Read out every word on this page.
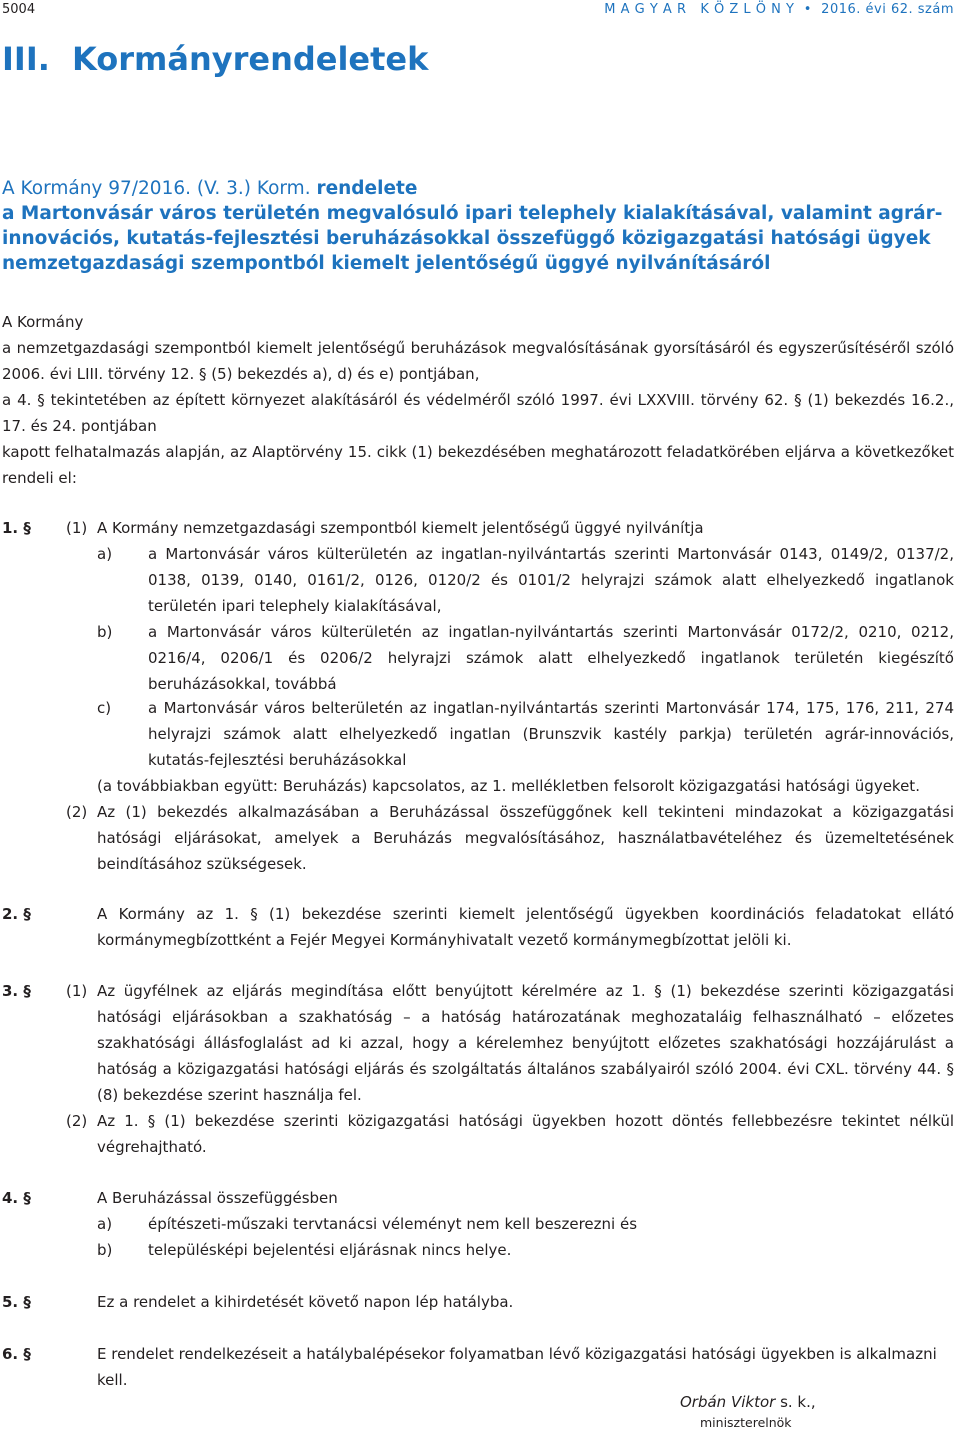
5004	M A G Y A R   K Ö Z L Ö N Y  •  2016. évi 62. szám
III. Kormányrendeletek
A Kormány 97/2016. (V. 3.) Korm. rendelete
a Martonvásár város területén megvalósuló ipari telephely kialakításával, valamint agrár-innovációs, kutatás-fejlesztési beruházásokkal összefüggő közigazgatási hatósági ügyek nemzetgazdasági szempontból kiemelt jelentőségű üggyé nyilvánításáról
A Kormány
a nemzetgazdasági szempontból kiemelt jelentőségű beruházások megvalósításának gyorsításáról és egyszerűsítéséről szóló 2006. évi LIII. törvény 12. § (5) bekezdés a), d) és e) pontjában,
a 4. § tekintetében az épített környezet alakításáról és védelméről szóló 1997. évi LXXVIII. törvény 62. § (1) bekezdés 16.2., 17. és 24. pontjában
kapott felhatalmazás alapján, az Alaptörvény 15. cikk (1) bekezdésében meghatározott feladatkörében eljárva a következőket rendeli el:
1. § (1) A Kormány nemzetgazdasági szempontból kiemelt jelentőségű üggyé nyilvánítja
a) a Martonvásár város külterületén az ingatlan-nyilvántartás szerinti Martonvásár 0143, 0149/2, 0137/2, 0138, 0139, 0140, 0161/2, 0126, 0120/2 és 0101/2 helyrajzi számok alatt elhelyezkedő ingatlanok területén ipari telephely kialakításával,
b) a Martonvásár város külterületén az ingatlan-nyilvántartás szerinti Martonvásár 0172/2, 0210, 0212, 0216/4, 0206/1 és 0206/2 helyrajzi számok alatt elhelyezkedő ingatlanok területén kiegészítő beruházásokkal, továbbá
c) a Martonvásár város belterületén az ingatlan-nyilvántartás szerinti Martonvásár 174, 175, 176, 211, 274 helyrajzi számok alatt elhelyezkedő ingatlan (Brunszvik kastély parkja) területén agrár-innovációs, kutatás-fejlesztési beruházásokkal
(a továbbiakban együtt: Beruházás) kapcsolatos, az 1. mellékletben felsorolt közigazgatási hatósági ügyeket.
(2) Az (1) bekezdés alkalmazásában a Beruházással összefüggőnek kell tekinteni mindazokat a közigazgatási hatósági eljárásokat, amelyek a Beruházás megvalósításához, használatbavételéhez és üzemeltetésének beindításához szükségesek.
2. §	A Kormány az 1. § (1) bekezdése szerinti kiemelt jelentőségű ügyekben koordinációs feladatokat ellátó kormánymegbízottként a Fejér Megyei Kormányhivatalt vezető kormánymegbízottat jelöli ki.
3. § (1) Az ügyfélnek az eljárás megindítása előtt benyújtott kérelmére az 1. § (1) bekezdése szerinti közigazgatási hatósági eljárásokban a szakhatóság – a hatóság határozatának meghozataláig felhasználható – előzetes szakhatósági állásfoglalást ad ki azzal, hogy a kérelemhez benyújtott előzetes szakhatósági hozzájárulást a hatóság a közigazgatási hatósági eljárás és szolgáltatás általános szabályairól szóló 2004. évi CXL. törvény 44. § (8) bekezdése szerint használja fel.
(2) Az 1. § (1) bekezdése szerinti közigazgatási hatósági ügyekben hozott döntés fellebbezésre tekintet nélkül végrehajtható.
4. §	A Beruházással összefüggésben
a) építészeti-műszaki tervtanácsi véleményt nem kell beszerezni és
b) településképi bejelentési eljárásnak nincs helye.
5. §	Ez a rendelet a kihirdetését követő napon lép hatályba.
6. §	E rendelet rendelkezéseit a hatálybalépésekor folyamatban lévő közigazgatási hatósági ügyekben is alkalmazni kell.
Orbán Viktor s. k.,
miniszterelnök
